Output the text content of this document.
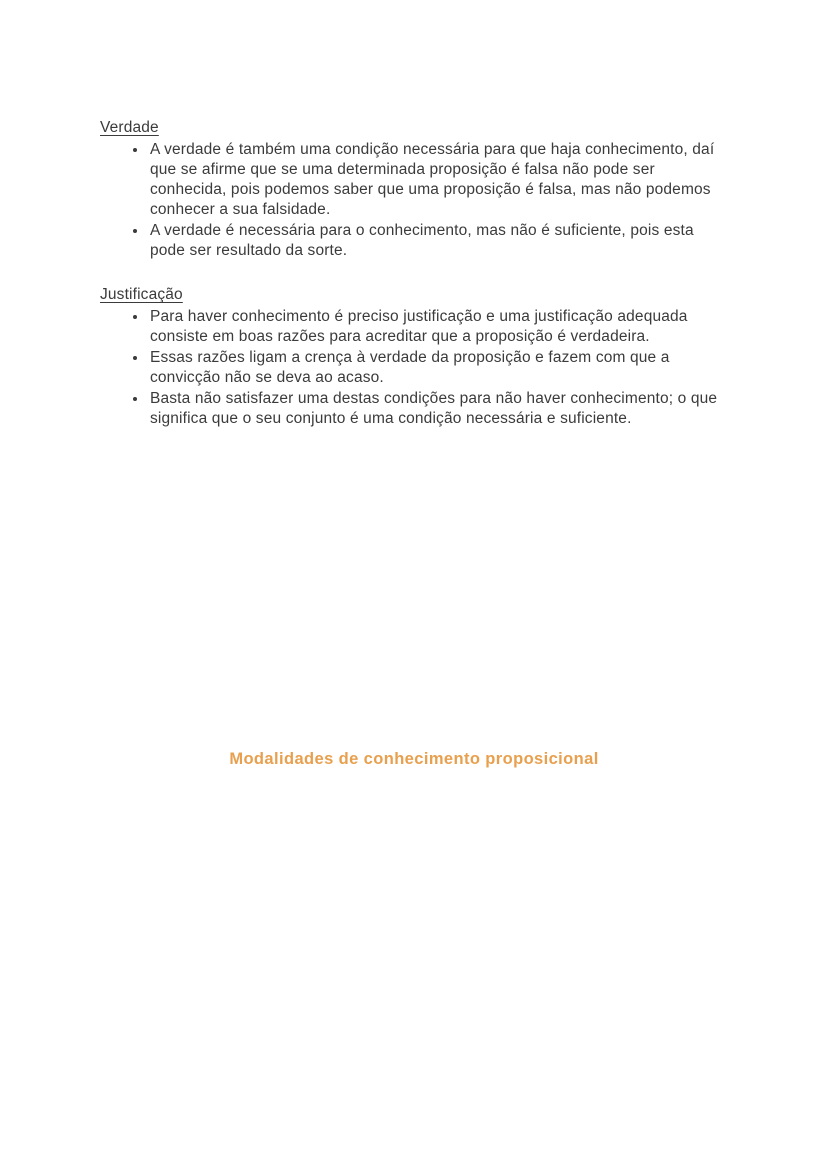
Verdade
• A verdade é também uma condição necessária para que haja conhecimento, daí que se afirme que se uma determinada proposição é falsa não pode ser conhecida, pois podemos saber que uma proposição é falsa, mas não podemos conhecer a sua falsidade.
• A verdade é necessária para o conhecimento, mas não é suficiente, pois esta pode ser resultado da sorte.
Justificação
• Para haver conhecimento é preciso justificação e uma justificação adequada consiste em boas razões para acreditar que a proposição é verdadeira.
• Essas razões ligam a crença à verdade da proposição e fazem com que a convicção não se deva ao acaso.
• Basta não satisfazer uma destas condições para não haver conhecimento; o que significa que o seu conjunto é uma condição necessária e suficiente.
Modalidades de conhecimento proposicional
